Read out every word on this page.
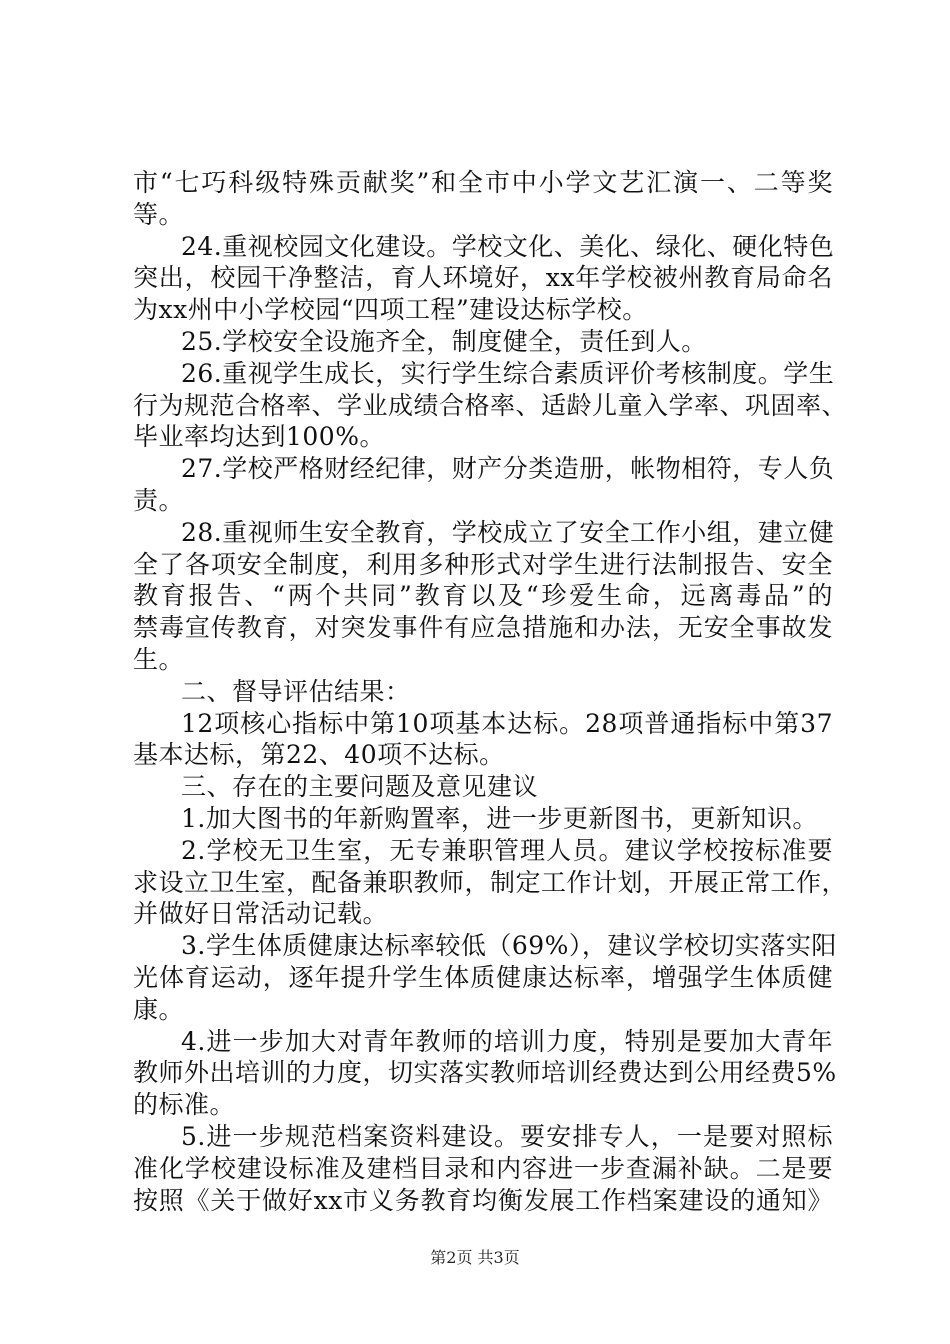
市“七巧科级特殊贡献奖”和全市中小学文艺汇演一、二等奖
等。
24.重视校园文化建设。学校文化、美化、绿化、硬化特色
突出，校园干净整洁，育人环境好，xx年学校被州教育局命名
为xx州中小学校园“四项工程”建设达标学校。
25.学校安全设施齐全，制度健全，责任到人。
26.重视学生成长，实行学生综合素质评价考核制度。学生
行为规范合格率、学业成绩合格率、适龄儿童入学率、巩固率、
毕业率均达到100%。
27.学校严格财经纪律，财产分类造册，帐物相符，专人负
责。
28.重视师生安全教育，学校成立了安全工作小组，建立健
全了各项安全制度，利用多种形式对学生进行法制报告、安全
教育报告、“两个共同”教育以及“珍爱生命，远离毒品”的
禁毒宣传教育，对突发事件有应急措施和办法，无安全事故发
生。
二、督导评估结果：
12项核心指标中第10项基本达标。28项普通指标中第37
基本达标，第22、40项不达标。
三、存在的主要问题及意见建议
1.加大图书的年新购置率，进一步更新图书，更新知识。
2.学校无卫生室，无专兼职管理人员。建议学校按标准要
求设立卫生室，配备兼职教师，制定工作计划，开展正常工作，
并做好日常活动记载。
3.学生体质健康达标率较低（69%），建议学校切实落实阳
光体育运动，逐年提升学生体质健康达标率，增强学生体质健
康。
4.进一步加大对青年教师的培训力度，特别是要加大青年
教师外出培训的力度，切实落实教师培训经费达到公用经费5%
的标准。
5.进一步规范档案资料建设。要安排专人，一是要对照标
准化学校建设标准及建档目录和内容进一步查漏补缺。二是要
按照《关于做好xx市义务教育均衡发展工作档案建设的通知》
第2页 共3页
